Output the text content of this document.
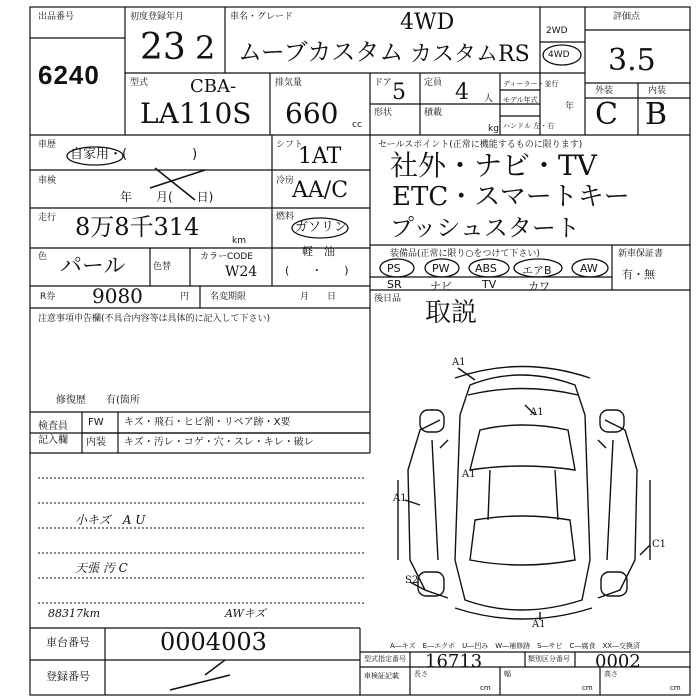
出品番号
6240
初度登録年月
23 2
車名・グレード	4WD
ムーブカスタム カスタムRS
2WD
4WD
評価点
3.5
型式 CBA-
LA110S
排気量
660 cc
ドア 5 定員 4 人
形状	積載
kg
ディーラー・並行
モデル年式
年
ハンドル 左・右
外装	内装
C B
車歴
自家用・(　　　　　)
シフト
1AT
車検
年　　月(　　日)
冷房
AA/C
走行 8万8千314	km
燃料
ガソリン
軽　油
(　　・　　)
色 パール	色替
カラーCODE
W24
R券 9080	円 名変期限	月　　日
セールスポイント(正常に機能するものに限ります)
社外・ナビ・TV
ETC・スマートキー
プッシュスタート
装備品(正常に限り○をつけて下さい)	新車保証書
有・無
PS	PW ABS エアB	AW
SR	ナビ	TV	カワ
後日品 取説
注意事項申告欄(不具合内容等は具体的に記入して下さい)
修復歴　　有(箇所
検査員
記入欄
FW キズ・飛石・ヒビ割・リペア跡・X要
内装 キズ・汚レ・コゲ・穴・スレ・キレ・破レ
小キズ　A U
天張 汚 C
88317km	AWキズ
A1
A1
A1
A1
C1
S2
A1
車台番号	0004003
登録番号
A―キズ　E―エクボ　U―凹み　W―補修跡　S―サビ　C―腐食　XX―交換済
型式指定番号 16713	類別区分番号 0002
車検証記載 長さ
cm
幅
cm
高さ
cm
